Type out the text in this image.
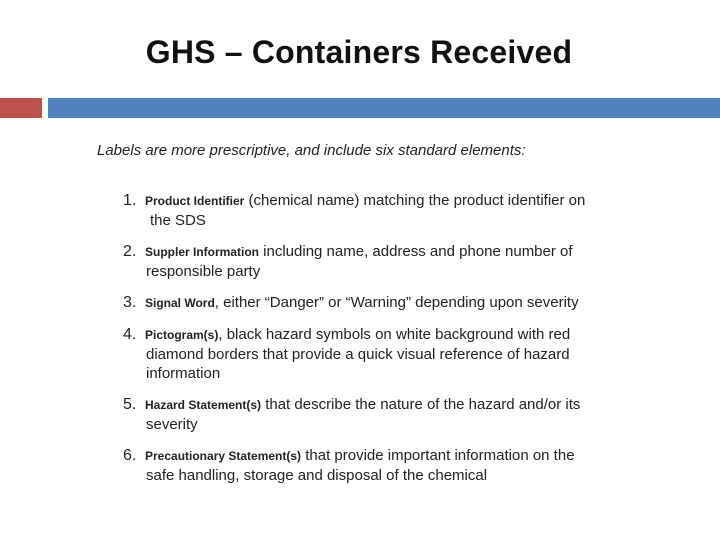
GHS – Containers Received
Labels are more prescriptive, and include six standard elements:
1. Product Identifier (chemical name) matching the product identifier on
the SDS
2. Suppler Information including name, address and phone number of
responsible party
3. Signal Word, either “Danger” or “Warning” depending upon severity
4. Pictogram(s), black hazard symbols on white background with red
diamond borders that provide a quick visual reference of hazard
information
5. Hazard Statement(s) that describe the nature of the hazard and/or its
severity
6. Precautionary Statement(s) that provide important information on the
safe handling, storage and disposal of the chemical
